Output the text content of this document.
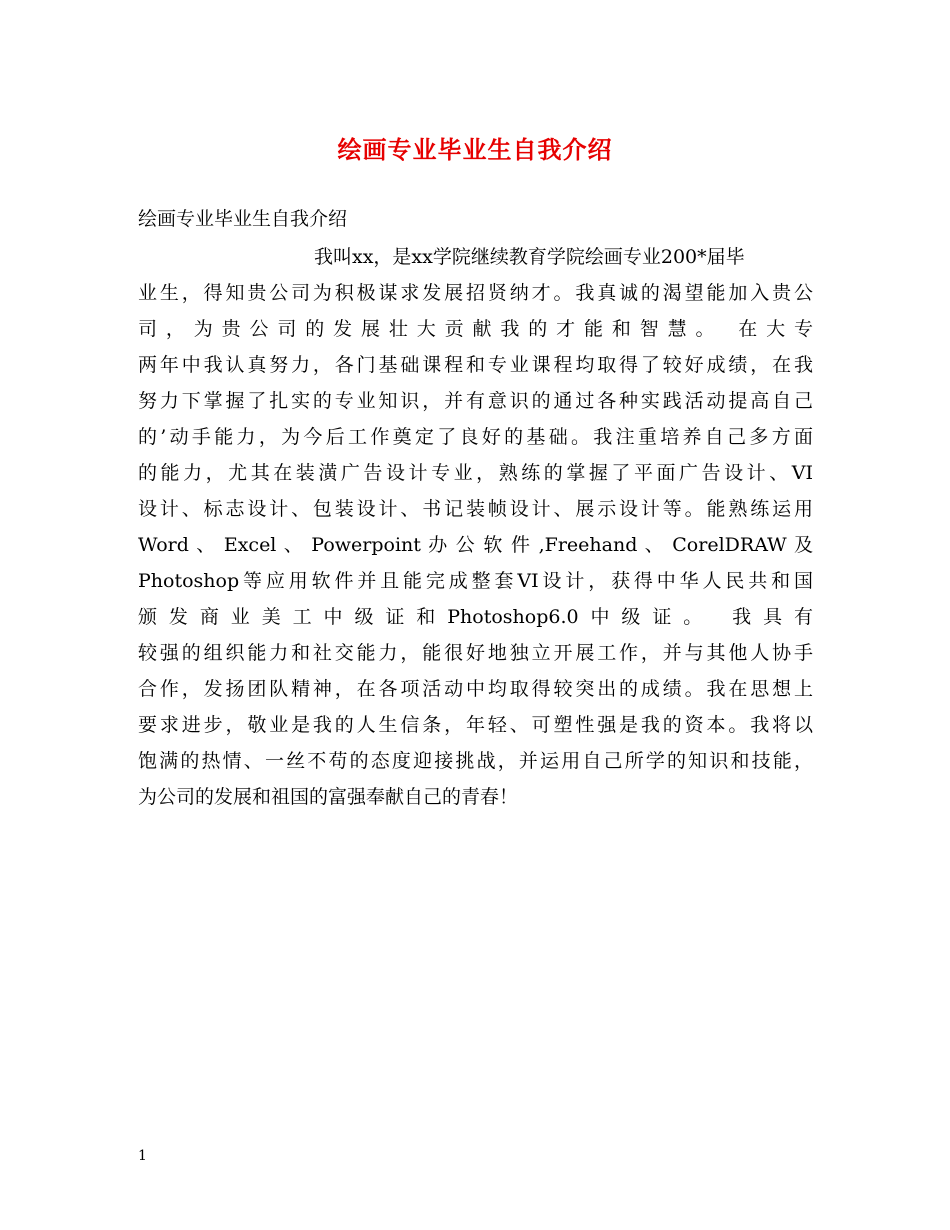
绘画专业毕业生自我介绍

绘画专业毕业生自我介绍

我叫xx，是xx学院继续教育学院绘画专业200*届毕
业生，得知贵公司为积极谋求发展招贤纳才。我真诚的渴望能加入贵公
司，为贵公司的发展壮大贡献我的才能和智慧。 在大专
两年中我认真努力，各门基础课程和专业课程均取得了较好成绩，在我
努力下掌握了扎实的专业知识，并有意识的通过各种实践活动提高自己
的’动手能力，为今后工作奠定了良好的基础。我注重培养自己多方面
的能力，尤其在装潢广告设计专业，熟练的掌握了平面广告设计、VI
设计、标志设计、包装设计、书记装帧设计、展示设计等。能熟练运用
Word 、 Excel 、 Powerpoint 办 公 软 件 ,Freehand 、 CorelDRAW 及
Photoshop等应用软件并且能完成整套VI设计，获得中华人民共和国
颁发商业美工中级证和Photoshop6.0中级证。 我具有
较强的组织能力和社交能力，能很好地独立开展工作，并与其他人协手
合作，发扬团队精神，在各项活动中均取得较突出的成绩。我在思想上
要求进步，敬业是我的人生信条，年轻、可塑性强是我的资本。我将以
饱满的热情、一丝不苟的态度迎接挑战，并运用自己所学的知识和技能，
为公司的发展和祖国的富强奉献自己的青春！

1
